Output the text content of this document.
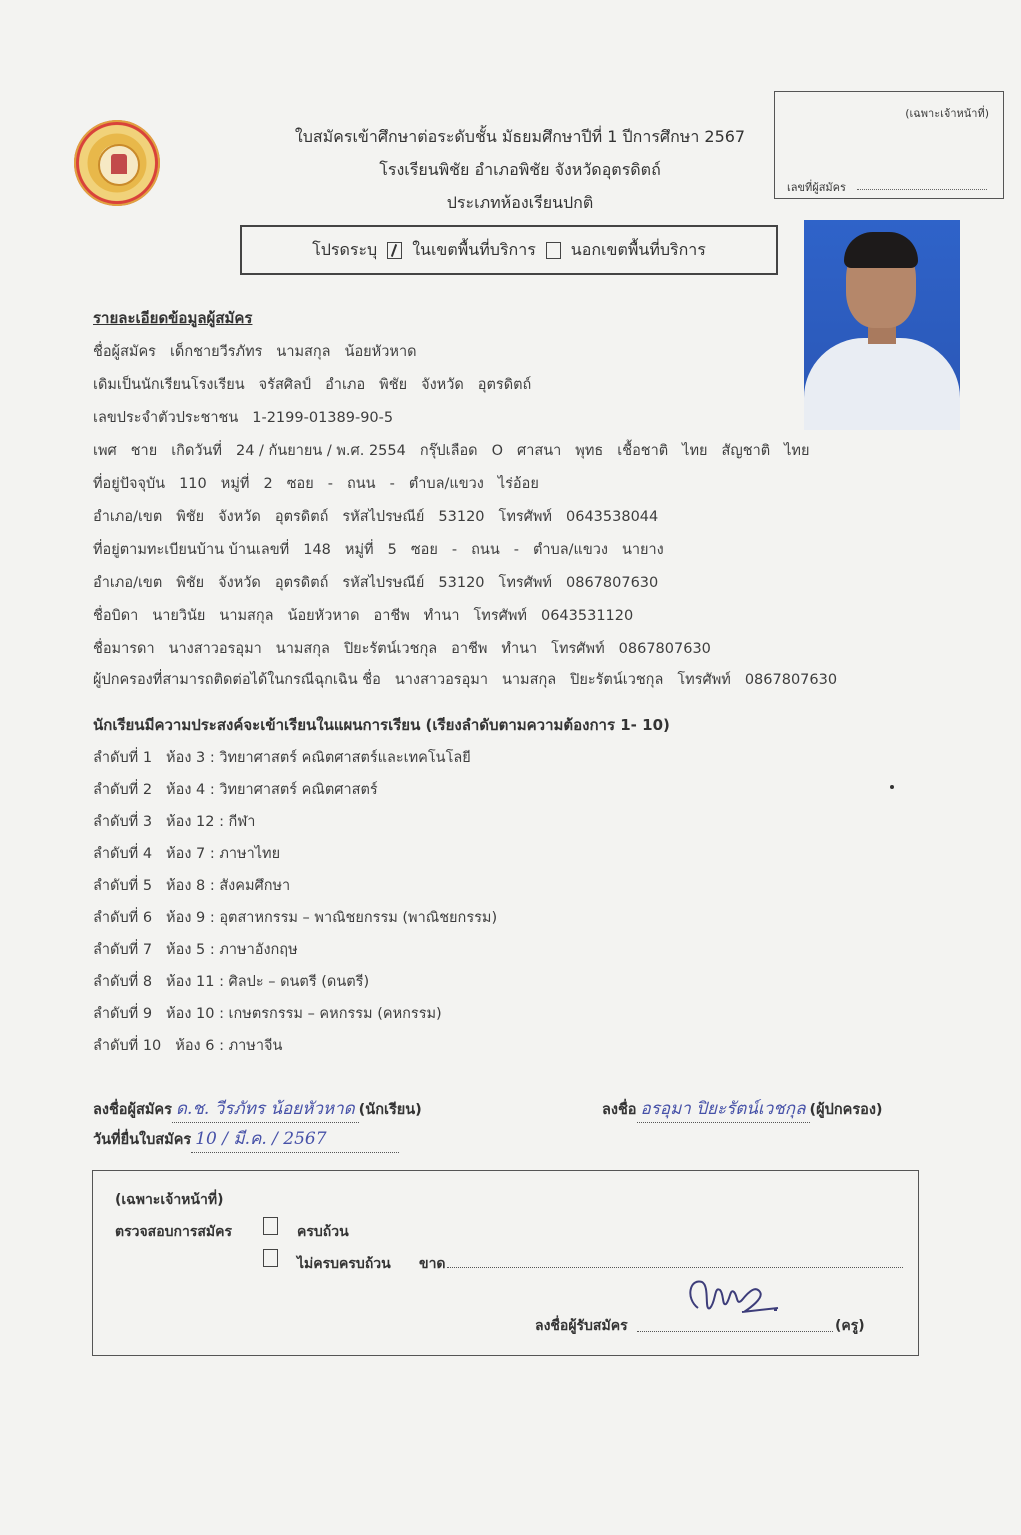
ใบสมัครเข้าศึกษาต่อระดับชั้น มัธยมศึกษาปีที่ 1 ปีการศึกษา 2567
โรงเรียนพิชัย อำเภอพิชัย จังหวัดอุตรดิตถ์
ประเภทห้องเรียนปกติ
(เฉพาะเจ้าหน้าที่)
เลขที่ผู้สมัคร
โปรดระบุ ในเขตพื้นที่บริการ นอกเขตพื้นที่บริการ
รายละเอียดข้อมูลผู้สมัคร
ชื่อผู้สมัคร เด็กชายวีรภัทร นามสกุล น้อยหัวหาด
เดิมเป็นนักเรียนโรงเรียน จรัสศิลป์ อำเภอ พิชัย จังหวัด อุตรดิตถ์
เลขประจำตัวประชาชน 1-2199-01389-90-5
เพศ ชาย เกิดวันที่ 24 / กันยายน / พ.ศ. 2554 กรุ๊ปเลือด O ศาสนา พุทธ เชื้อชาติ ไทย สัญชาติ ไทย
ที่อยู่ปัจจุบัน 110 หมู่ที่ 2 ซอย - ถนน - ตำบล/แขวง ไร่อ้อย
อำเภอ/เขต พิชัย จังหวัด อุตรดิตถ์ รหัสไปรษณีย์ 53120 โทรศัพท์ 0643538044
ที่อยู่ตามทะเบียนบ้าน บ้านเลขที่ 148 หมู่ที่ 5 ซอย - ถนน - ตำบล/แขวง นายาง
อำเภอ/เขต พิชัย จังหวัด อุตรดิตถ์ รหัสไปรษณีย์ 53120 โทรศัพท์ 0867807630
ชื่อบิดา นายวินัย นามสกุล น้อยหัวหาด อาชีพ ทำนา โทรศัพท์ 0643531120
ชื่อมารดา นางสาวอรอุมา นามสกุล ปิยะรัตน์เวชกุล อาชีพ ทำนา โทรศัพท์ 0867807630
ผู้ปกครองที่สามารถติดต่อได้ในกรณีฉุกเฉิน ชื่อ นางสาวอรอุมา นามสกุล ปิยะรัตน์เวชกุล โทรศัพท์ 0867807630
นักเรียนมีความประสงค์จะเข้าเรียนในแผนการเรียน (เรียงลำดับตามความต้องการ 1- 10)
ลำดับที่ 1 ห้อง 3 : วิทยาศาสตร์ คณิตศาสตร์และเทคโนโลยี
ลำดับที่ 2 ห้อง 4 : วิทยาศาสตร์ คณิตศาสตร์
ลำดับที่ 3 ห้อง 12 : กีฬา
ลำดับที่ 4 ห้อง 7 : ภาษาไทย
ลำดับที่ 5 ห้อง 8 : สังคมศึกษา
ลำดับที่ 6 ห้อง 9 : อุตสาหกรรม – พาณิชยกรรม (พาณิชยกรรม)
ลำดับที่ 7 ห้อง 5 : ภาษาอังกฤษ
ลำดับที่ 8 ห้อง 11 : ศิลปะ – ดนตรี (ดนตรี)
ลำดับที่ 9 ห้อง 10 : เกษตรกรรม – คหกรรม (คหกรรม)
ลำดับที่ 10 ห้อง 6 : ภาษาจีน
ลงชื่อผู้สมัคร ด.ช. วีรภัทร น้อยหัวหาด (นักเรียน)	ลงชื่อ อรอุมา ปิยะรัตน์เวชกุล (ผู้ปกครอง)
วันที่ยื่นใบสมัคร 10 / มี.ค. / 2567
(เฉพาะเจ้าหน้าที่)
ตรวจสอบการสมัคร	ครบถ้วน
ไม่ครบครบถ้วน ขาด
ลงชื่อผู้รับสมัคร	(ครู)
